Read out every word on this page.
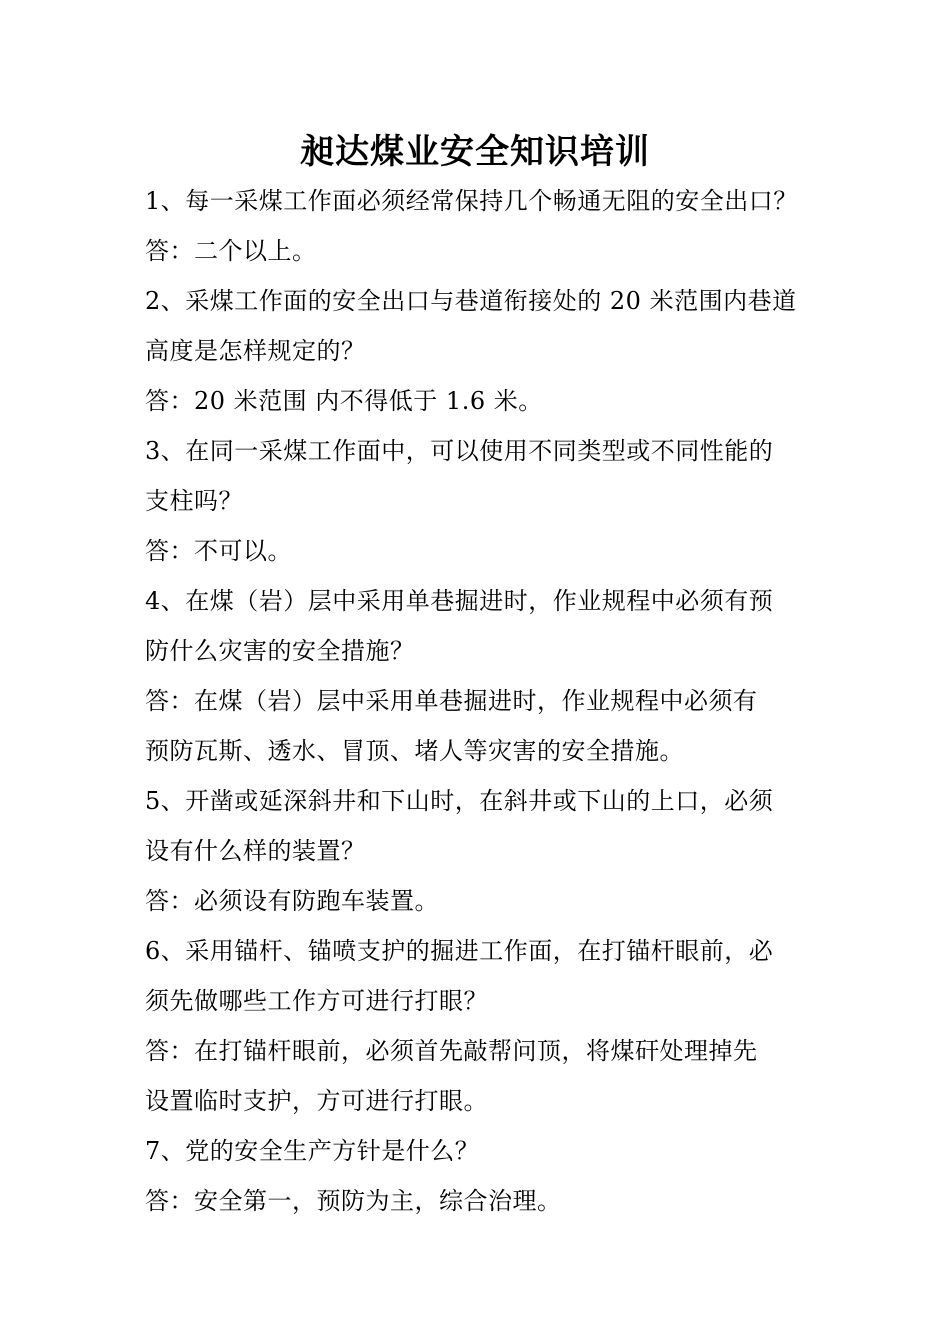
昶达煤业安全知识培训
1、每一采煤工作面必须经常保持几个畅通无阻的安全出口？
答：二个以上。
2、采煤工作面的安全出口与巷道衔接处的 20 米范围内巷道
高度是怎样规定的？
答：20 米范围 内不得低于 1.6 米。
3、在同一采煤工作面中，可以使用不同类型或不同性能的
支柱吗？
答：不可以。
4、在煤（岩）层中采用单巷掘进时，作业规程中必须有预
防什么灾害的安全措施？
答：在煤（岩）层中采用单巷掘进时，作业规程中必须有
预防瓦斯、透水、冒顶、堵人等灾害的安全措施。
5、开凿或延深斜井和下山时，在斜井或下山的上口，必须
设有什么样的装置？
答：必须设有防跑车装置。
6、采用锚杆、锚喷支护的掘进工作面，在打锚杆眼前，必
须先做哪些工作方可进行打眼？
答：在打锚杆眼前，必须首先敲帮问顶，将煤矸处理掉先
设置临时支护，方可进行打眼。
7、党的安全生产方针是什么？
答：安全第一，预防为主，综合治理。
